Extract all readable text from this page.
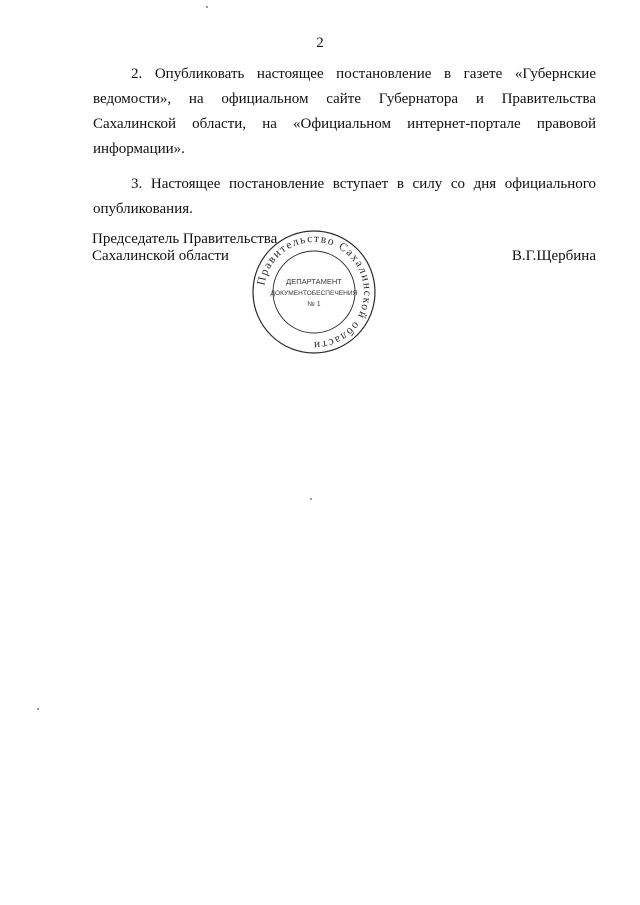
2

2. Опубликовать настоящее постановление в газете «Губернские ведомости», на официальном сайте Губернатора и Правительства Сахалинской области, на «Официальном интернет-портале правовой информации».

3. Настоящее постановление вступает в силу со дня официального опубликования.

Председатель Правительства
Сахалинской области	В.Г.Щербина
Правительство Сахалинской области
ДЕПАРТАМЕНТ
ДОКУМЕНТОБЕСПЕЧЕНИЯ
№ 1
